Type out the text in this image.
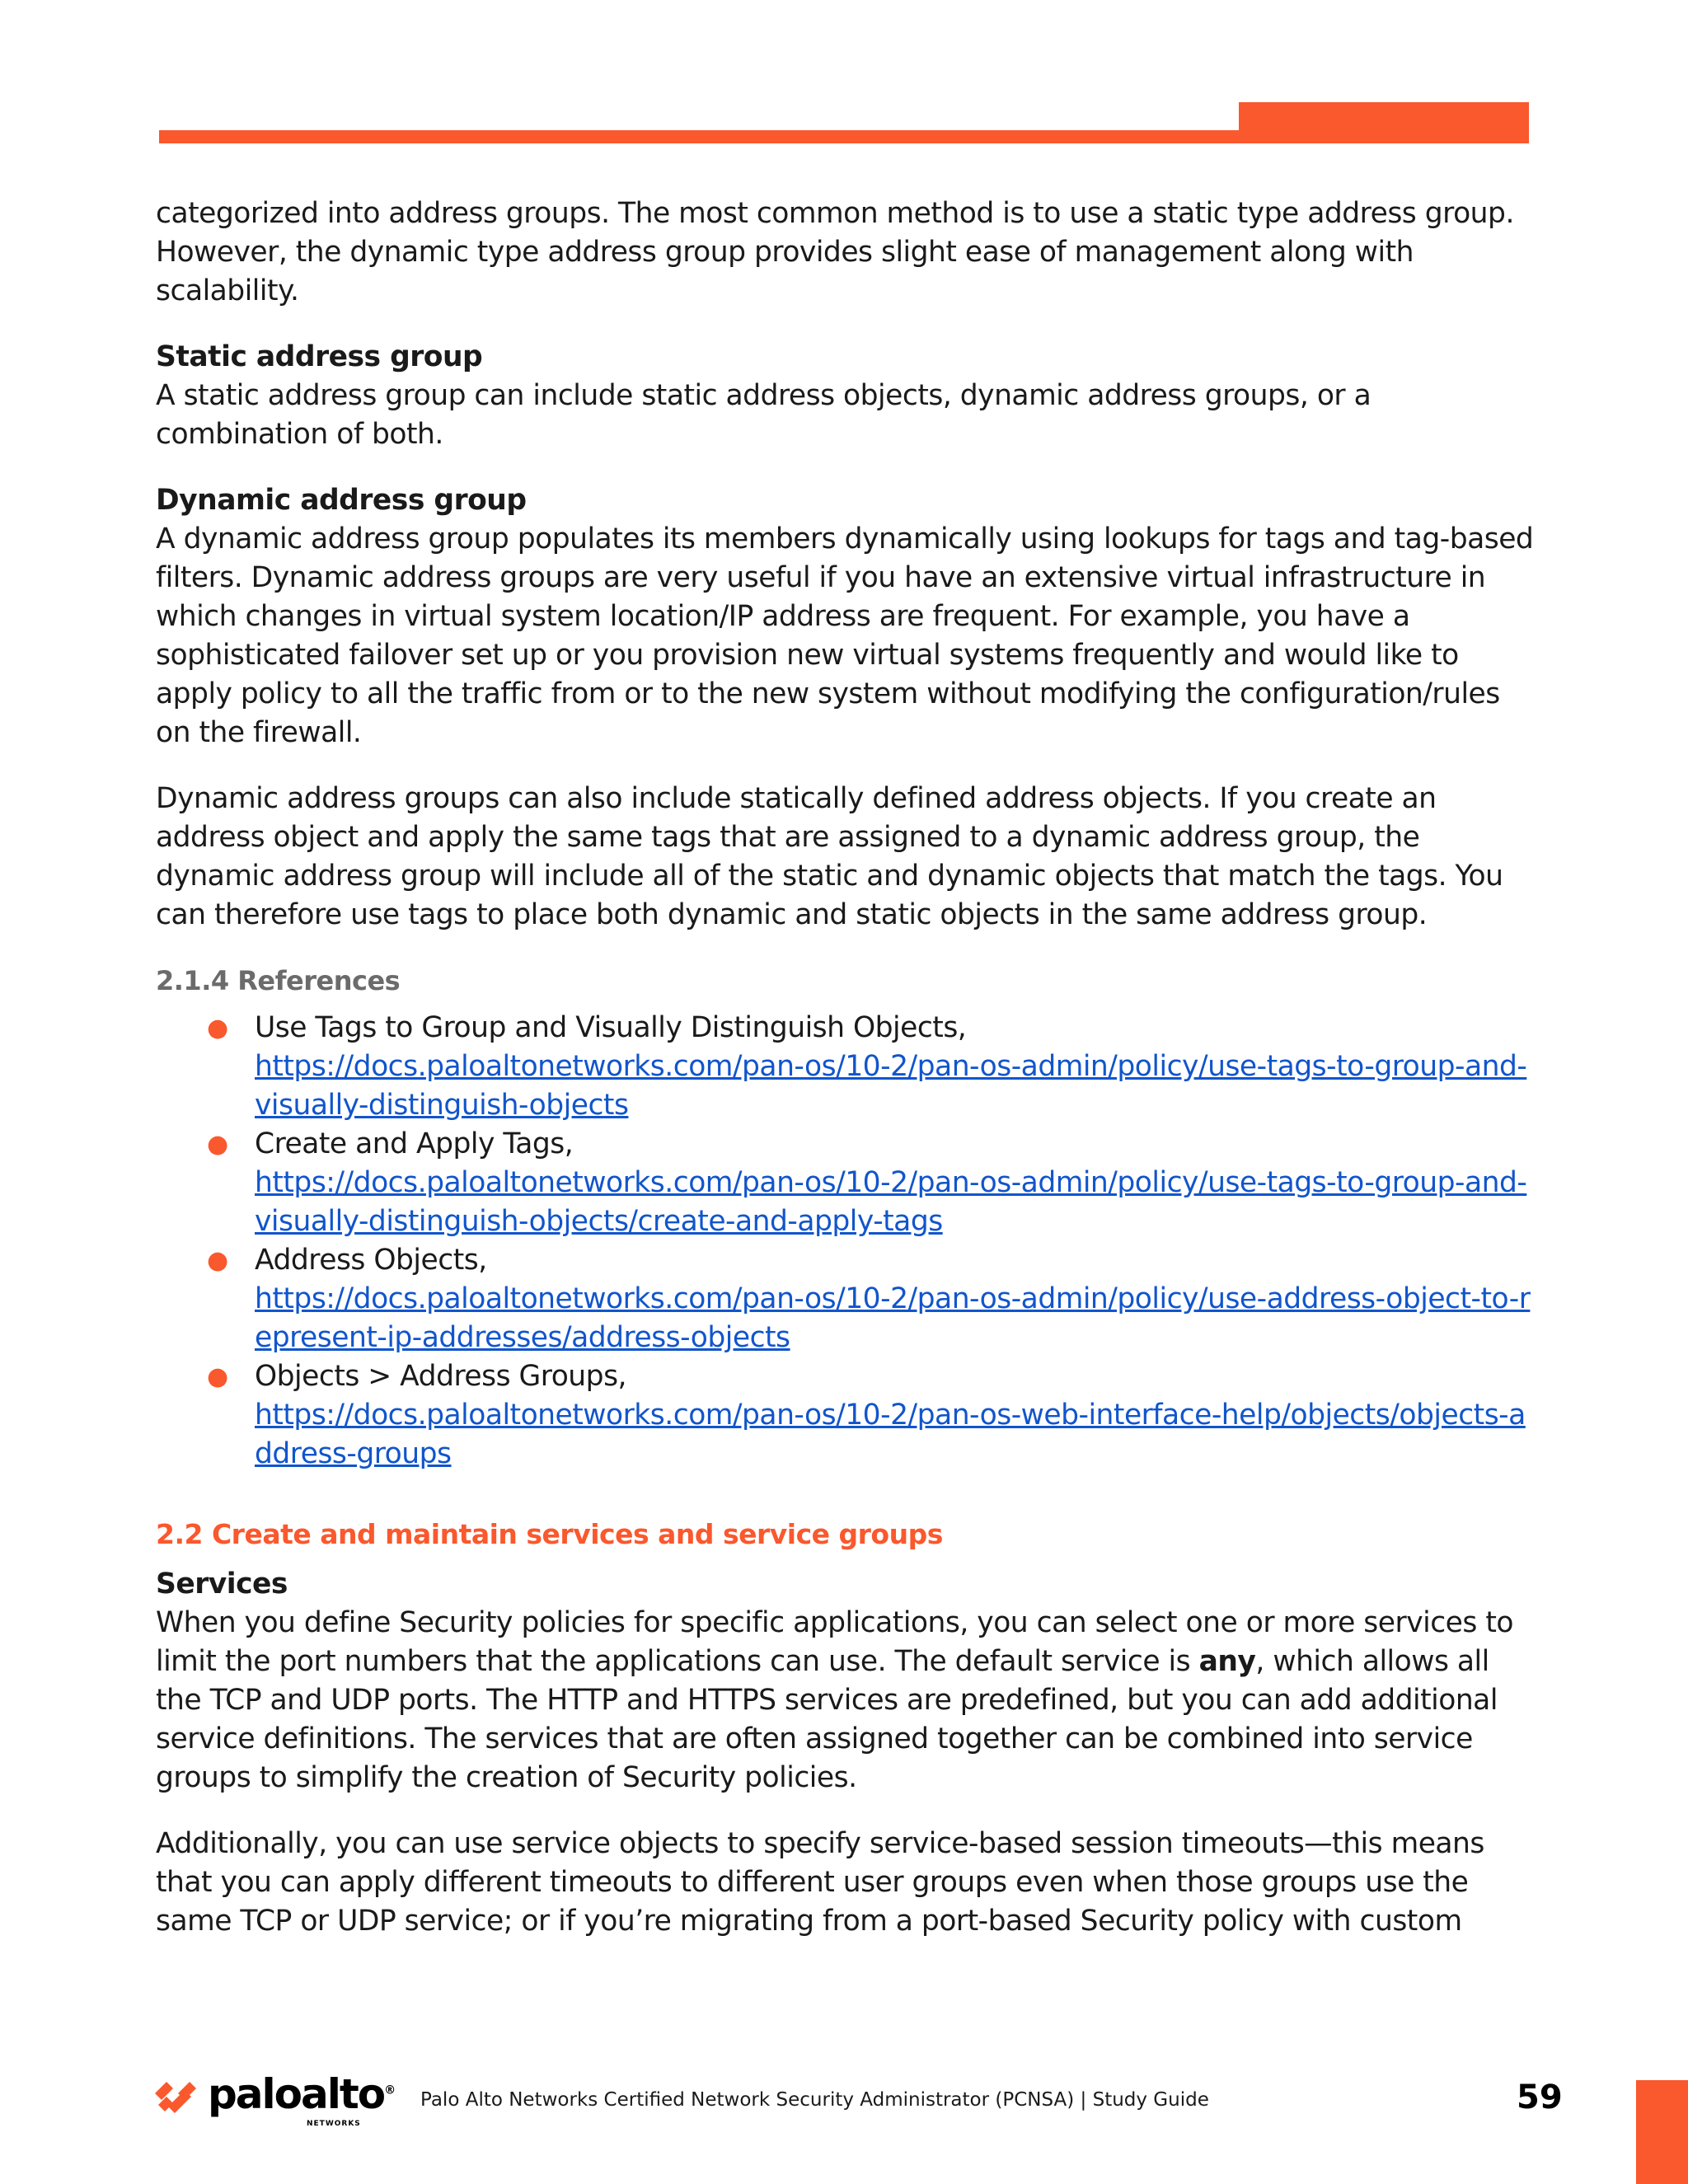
categorized into address groups. The most common method is to use a static type address group. However, the dynamic type address group provides slight ease of management along with scalability.

Static address group

A static address group can include static address objects, dynamic address groups, or a combination of both.

Dynamic address group

A dynamic address group populates its members dynamically using lookups for tags and tag-based filters. Dynamic address groups are very useful if you have an extensive virtual infrastructure in which changes in virtual system location/IP address are frequent. For example, you have a sophisticated failover set up or you provision new virtual systems frequently and would like to apply policy to all the traffic from or to the new system without modifying the configuration/rules on the firewall.

Dynamic address groups can also include statically defined address objects. If you create an address object and apply the same tags that are assigned to a dynamic address group, the dynamic address group will include all of the static and dynamic objects that match the tags. You can therefore use tags to place both dynamic and static objects in the same address group.

2.1.4 References
● Use Tags to Group and Visually Distinguish Objects,
https://docs.paloaltonetworks.com/pan-os/10-2/pan-os-admin/policy/use-tags-to-group-and-visually-distinguish-objects
● Create and Apply Tags,
https://docs.paloaltonetworks.com/pan-os/10-2/pan-os-admin/policy/use-tags-to-group-and-visually-distinguish-objects/create-and-apply-tags
● Address Objects,
https://docs.paloaltonetworks.com/pan-os/10-2/pan-os-admin/policy/use-address-object-to-represent-ip-addresses/address-objects
● Objects > Address Groups,
https://docs.paloaltonetworks.com/pan-os/10-2/pan-os-web-interface-help/objects/objects-address-groups
2.2 Create and maintain services and service groups
Services

When you define Security policies for specific applications, you can select one or more services to limit the port numbers that the applications can use. The default service is any, which allows all the TCP and UDP ports. The HTTP and HTTPS services are predefined, but you can add additional service definitions. The services that are often assigned together can be combined into service groups to simplify the creation of Security policies.

Additionally, you can use service objects to specify service-based session timeouts—this means that you can apply different timeouts to different user groups even when those groups use the same TCP or UDP service; or if you’re migrating from a port-based Security policy with custom

paloalto®
NETWORKS
Palo Alto Networks Certified Network Security Administrator (PCNSA) | Study Guide	59
